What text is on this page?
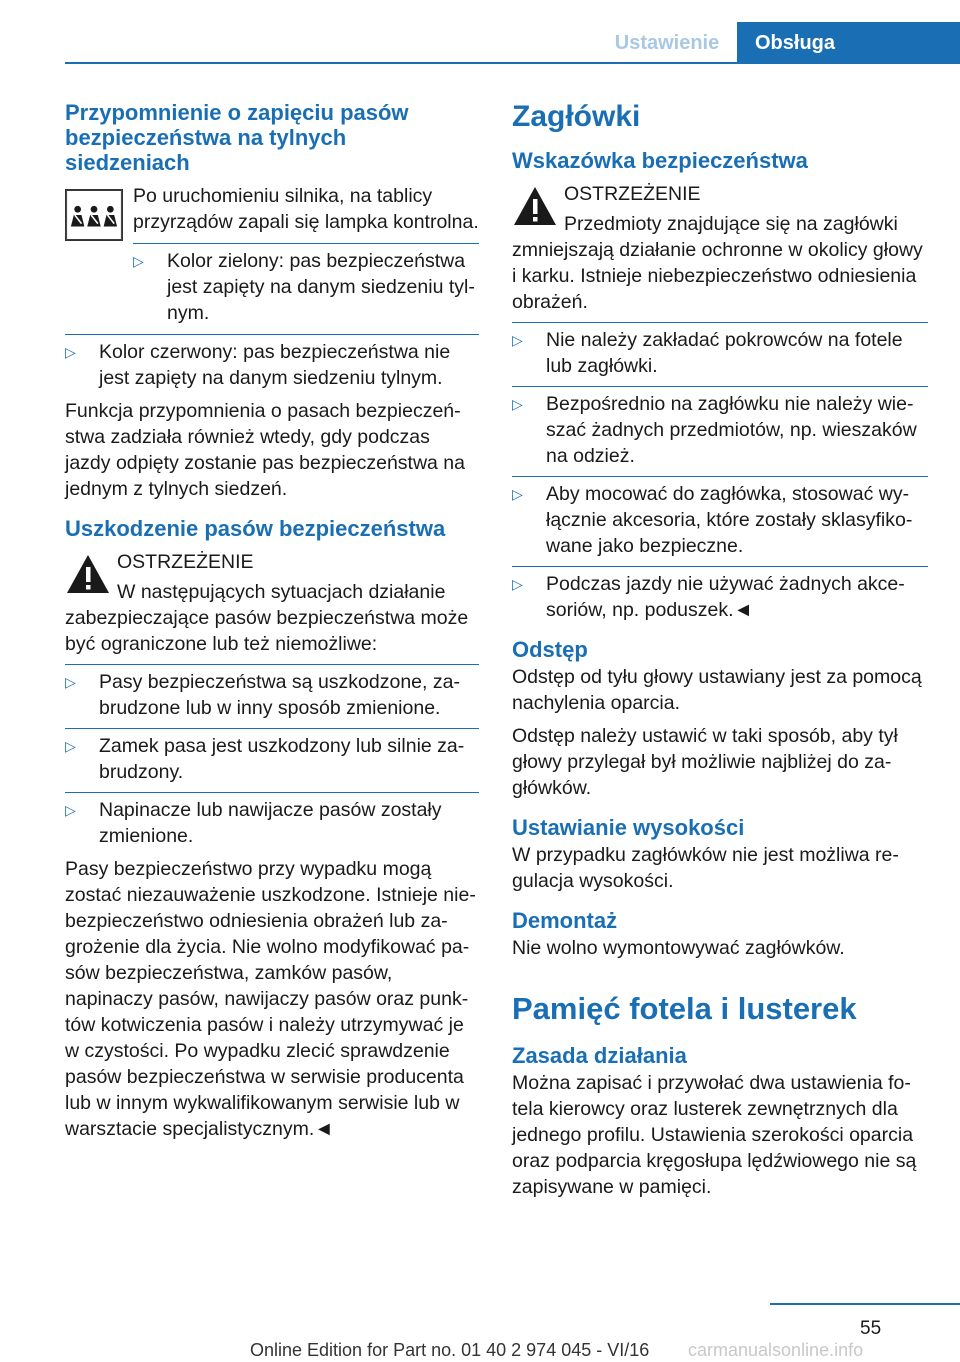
Ustawienie	Obsługa
Przypomnienie o zapięciu pasów bezpieczeństwa na tylnych siedzeniach

Po uruchomieniu silnika, na tablicy przyrządów zapali się lampka kontrolna.

▷ Kolor zielony: pas bezpieczeństwa jest zapięty na danym siedzeniu tylnym.
▷ Kolor czerwony: pas bezpieczeństwa nie jest zapięty na danym siedzeniu tylnym.

Funkcja przypomnienia o pasach bezpieczeństwa zadziała również wtedy, gdy podczas jazdy odpięty zostanie pas bezpieczeństwa na jednym z tylnych siedzeń.

Uszkodzenie pasów bezpieczeństwa

OSTRZEŻENIE

W następujących sytuacjach działanie zabezpieczające pasów bezpieczeństwa może być ograniczone lub też niemożliwe:

▷ Pasy bezpieczeństwa są uszkodzone, zabrudzone lub w inny sposób zmienione.
▷ Zamek pasa jest uszkodzony lub silnie zabrudzony.
▷ Napinacze lub nawijacze pasów zostały zmienione.

Pasy bezpieczeństwo przy wypadku mogą zostać niezauważenie uszkodzone. Istnieje niebezpieczeństwo odniesienia obrażeń lub zagrożenie dla życia. Nie wolno modyfikować pasów bezpieczeństwa, zamków pasów, napinaczy pasów, nawijaczy pasów oraz punktów kotwiczenia pasów i należy utrzymywać je w czystości. Po wypadku zlecić sprawdzenie pasów bezpieczeństwa w serwisie producenta lub w innym wykwalifikowanym serwisie lub w warsztacie specjalistycznym.◄

Zagłówki
Wskazówka bezpieczeństwa

OSTRZEŻENIE

Przedmioty znajdujące się na zagłówki zmniejszają działanie ochronne w okolicy głowy i karku. Istnieje niebezpieczeństwo odniesienia obrażeń.

▷ Nie należy zakładać pokrowców na fotele lub zagłówki.
▷ Bezpośrednio na zagłówku nie należy wieszać żadnych przedmiotów, np. wieszaków na odzież.
▷ Aby mocować do zagłówka, stosować wyłącznie akcesoria, które zostały sklasyfikowane jako bezpieczne.
▷ Podczas jazdy nie używać żadnych akcesoriów, np. poduszek.◄
Odstęp

Odstęp od tyłu głowy ustawiany jest za pomocą nachylenia oparcia.

Odstęp należy ustawić w taki sposób, aby tył głowy przylegał był możliwie najbliżej do zagłówków.

Ustawianie wysokości

W przypadku zagłówków nie jest możliwa regulacja wysokości.

Demontaż

Nie wolno wymontowywać zagłówków.

Pamięć fotela i lusterek
Zasada działania

Można zapisać i przywołać dwa ustawienia fotela kierowcy oraz lusterek zewnętrznych dla jednego profilu. Ustawienia szerokości oparcia oraz podparcia kręgosłupa lędźwiowego nie są zapisywane w pamięci.

55
Online Edition for Part no. 01 40 2 974 045 - VI/16 carmanualsonline.info
